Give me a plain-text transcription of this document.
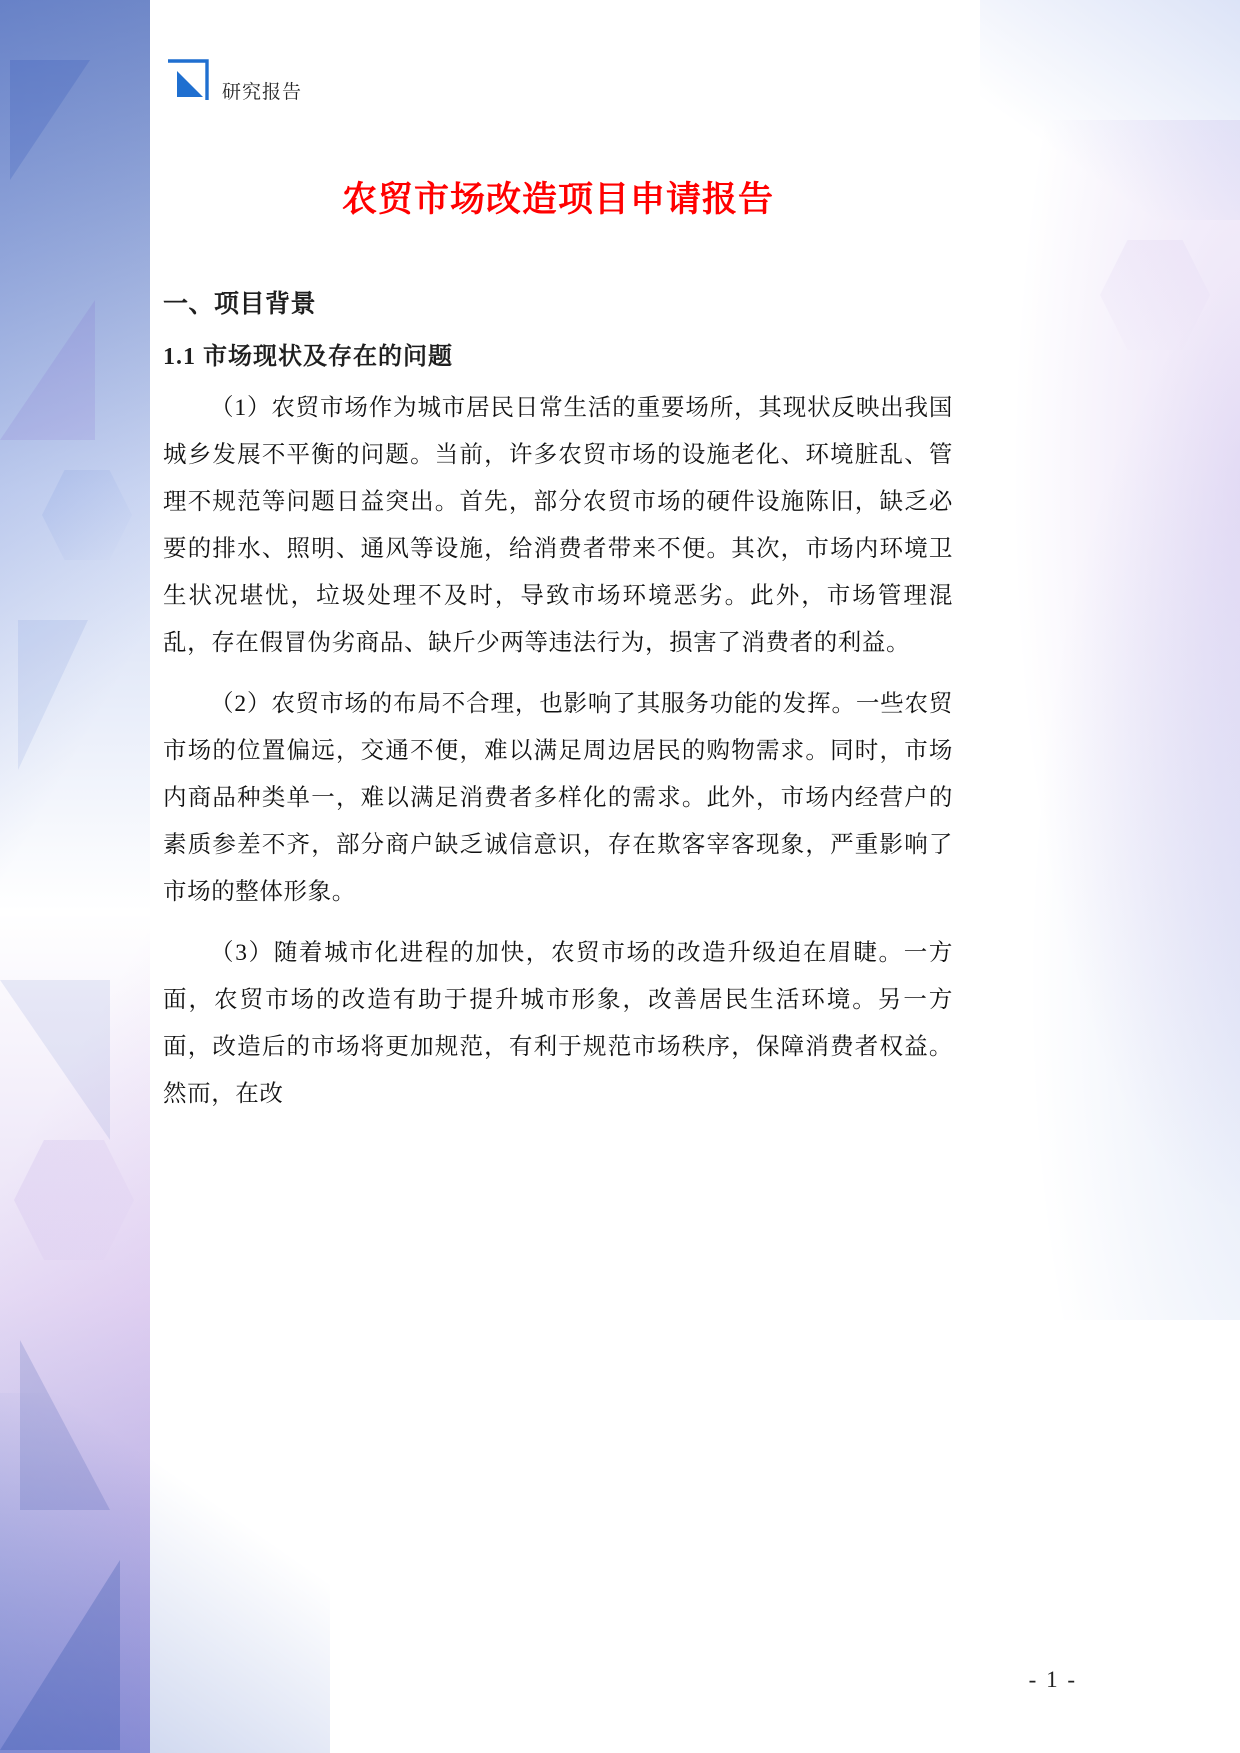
研究报告
农贸市场改造项目申请报告
一、项目背景
1.1 市场现状及存在的问题

（1）农贸市场作为城市居民日常生活的重要场所，其现状反映出我国城乡发展不平衡的问题。当前，许多农贸市场的设施老化、环境脏乱、管理不规范等问题日益突出。首先，部分农贸市场的硬件设施陈旧，缺乏必要的排水、照明、通风等设施，给消费者带来不便。其次，市场内环境卫生状况堪忧，垃圾处理不及时，导致市场环境恶劣。此外，市场管理混乱，存在假冒伪劣商品、缺斤少两等违法行为，损害了消费者的利益。

（2）农贸市场的布局不合理，也影响了其服务功能的发挥。一些农贸市场的位置偏远，交通不便，难以满足周边居民的购物需求。同时，市场内商品种类单一，难以满足消费者多样化的需求。此外，市场内经营户的素质参差不齐，部分商户缺乏诚信意识，存在欺客宰客现象，严重影响了市场的整体形象。

（3）随着城市化进程的加快，农贸市场的改造升级迫在眉睫。一方面，农贸市场的改造有助于提升城市形象，改善居民生活环境。另一方面，改造后的市场将更加规范，有利于规范市场秩序，保障消费者权益。然而，在改

- 1 -
